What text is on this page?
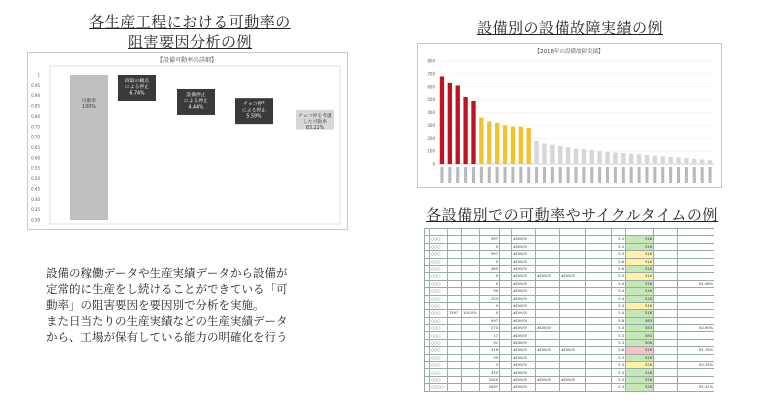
各生産工程における可動率の
阻害要因分析の例
【設備可動率の詳細】
1
0.95
0.90
0.85
0.80
0.75
0.70
0.65
0.60
0.55
0.50
0.45
0.40
0.35
0.30
可動率
100%
段取の観点
による停止
6.74%	設備停止
による停止
4.44%
チョコ停*
による停止
5.59%	チョコ停を考慮
した可動率
83.22%
設備別の設備故障実績の例
【2018年の設備故障実績】
800
700
600
500
400
300
200
100
0
各設備別での可動率やサイクルタイムの例

	○○○			997		#DIV/0!				5.3	516		
	○○○			0		#DIV/0!				5.3	516		
	○○○			997		#DIV/0!				5.3	516		
	○○○			0		#DIV/0!				5.8	516		
	○○○			485		#DIV/0!				5.8	516		
	○○○			0		#DIV/0!	#DIV/0!	#DIV/0!		5.3	516		
	○○○			0		#DIV/0!				5.4	516		81.56%
	○○○			90		#DIV/0!				5.4	516		
	○○○			203		#DIV/0!				5.4	516		
	○○○			0		#DIV/0!				5.3	516		
	○○○	7597	100.0%	0		#DIV/0!				5.4	516		
	○○○			997		#DIV/0!				5.8	583		
	○○○			270		#DIV/0!	#DIV/0!			5.3	583		82.90%
	○○○			17		#DIV/0!				5.3	583		
	○○○			91		#DIV/0!				5.3	508		
	○○○			516		#DIV/0!	#DIV/0!	#DIV/0!		5.8	516		81.76%
	○○○			99		#DIV/0!				5.3	516		
	○○○			3		#DIV/0!				5.3	528		82.25%
	○○○			455		#DIV/0!				5.3	528		
	○○○			1040		#DIV/0!	#DIV/0!	#DIV/0!		5.3	528		
	○○○○			5497		#DIV/0!				5.3	528		81.22%
設備の稼働データや生産実績データから設備が
定常的に生産をし続けることができている「可
動率」の阻害要因を要因別で分析を実施。
また日当たりの生産実績などの生産実績データ
から、工場が保有している能力の明確化を行う
